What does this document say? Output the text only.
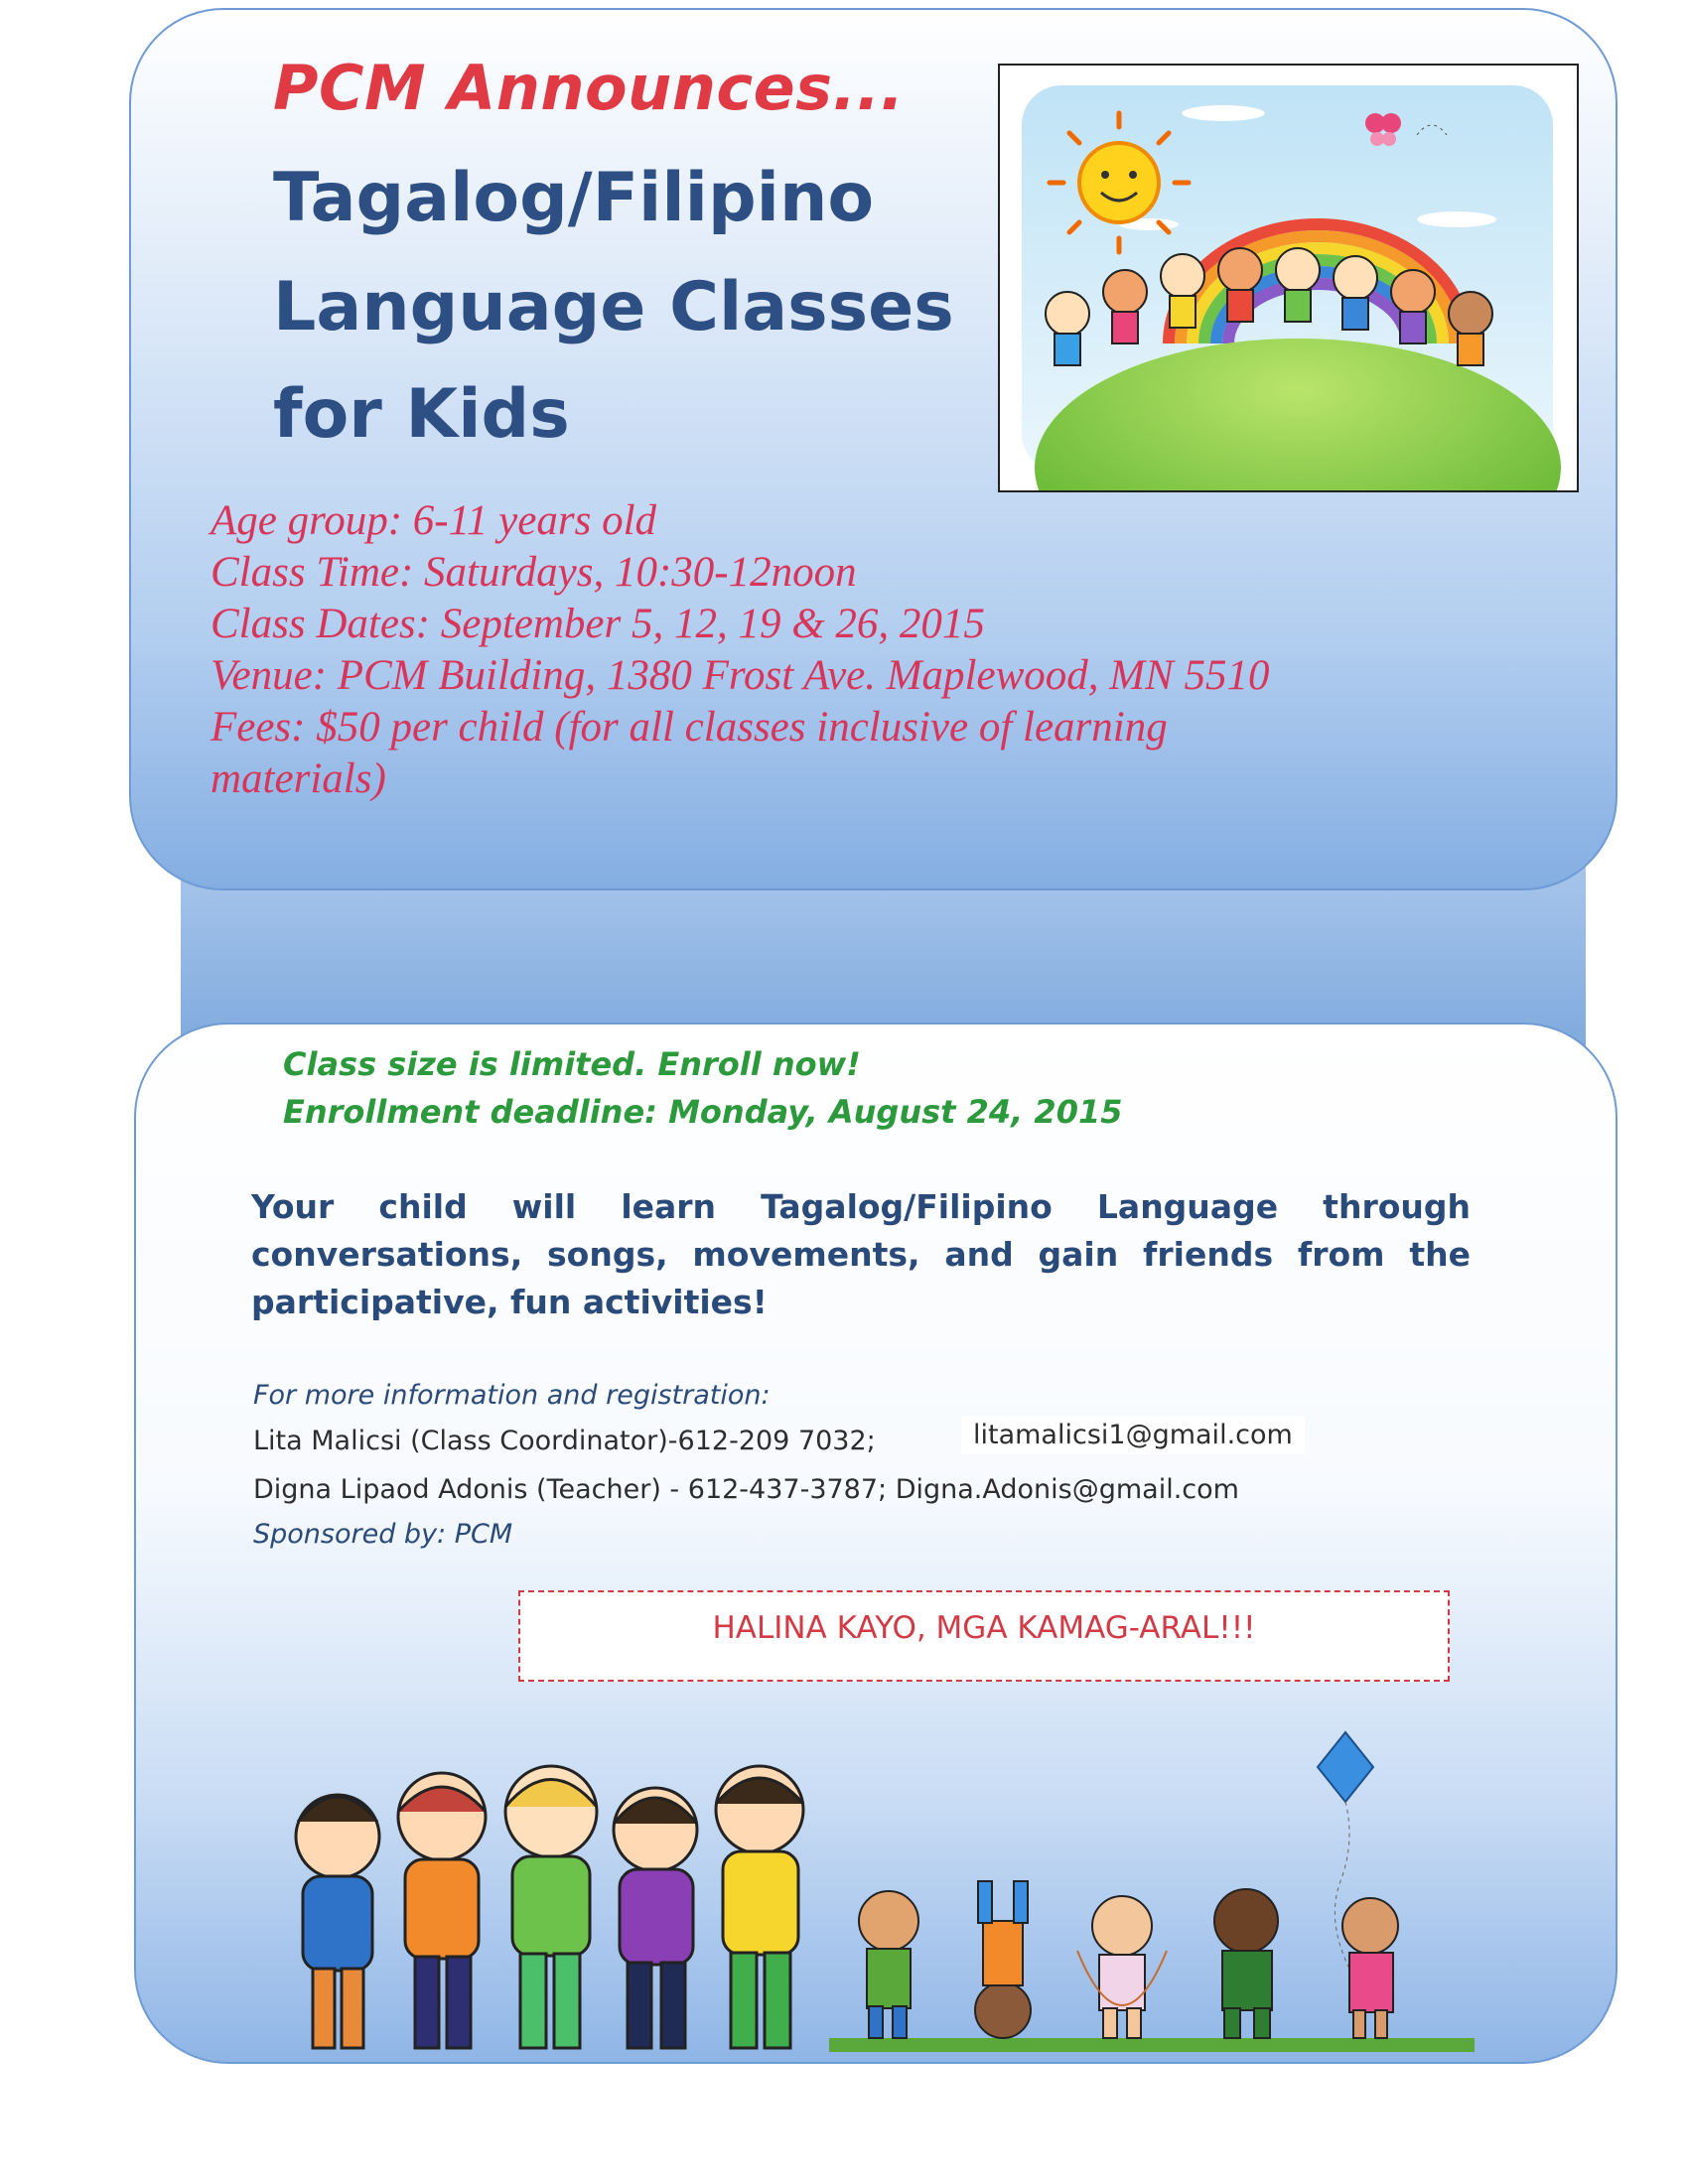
PCM Announces...
Tagalog/Filipino
Language Classes
for Kids
Age group: 6-11 years old
Class Time: Saturdays, 10:30-12noon
Class Dates: September 5, 12, 19 & 26, 2015
Venue: PCM Building, 1380 Frost Ave. Maplewood, MN 5510
Fees: $50 per child (for all classes inclusive of learning
materials)
Class size is limited. Enroll now!
Enrollment deadline: Monday, August 24, 2015
Your child will learn Tagalog/Filipino Language through conversations, songs, movements, and gain friends from the participative, fun activities!
For more information and registration:
Lita Malicsi (Class Coordinator)-612-209 7032;	litamalicsi1@gmail.com
Digna Lipaod Adonis (Teacher) - 612-437-3787; Digna.Adonis@gmail.com
Sponsored by: PCM
HALINA KAYO, MGA KAMAG-ARAL!!!
